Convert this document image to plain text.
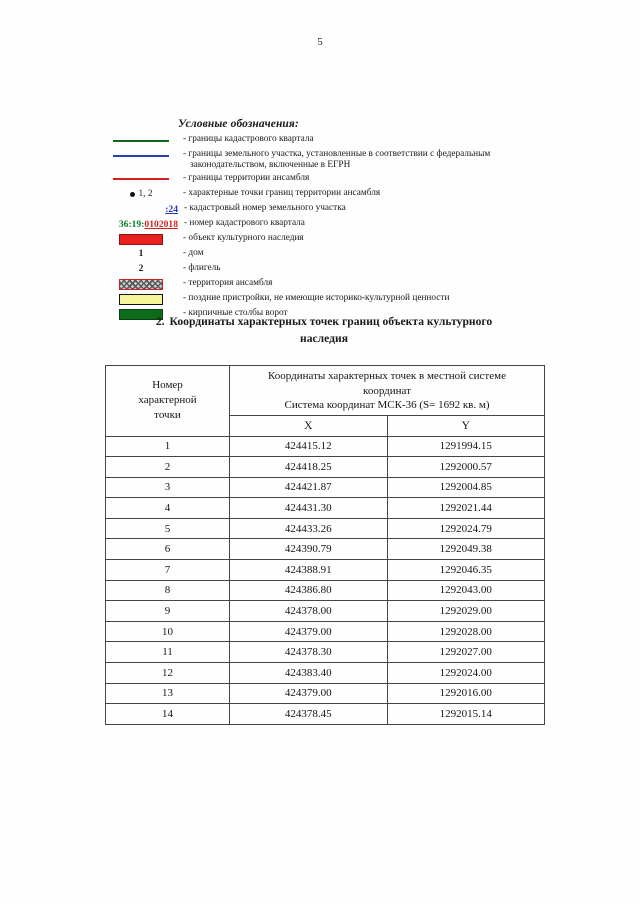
5
Условные обозначения:
- границы кадастрового квартала
- границы земельного участка, установленные в соответствии с федеральным
законодательством, включенные в ЕГРН
- границы территории ансамбля
1, 2	- характерные точки границ территории ансамбля
:24 - кадастровый номер земельного участка
36:19:0102018 - номер кадастрового квартала
- объект культурного наследия
1	- дом
2	- флигель
- территория ансамбля
- поздние пристройки, не имеющие историко-культурной ценности
- кирпичные столбы ворот
2. Координаты характерных точек границ объекта культурного
наследия
Номер
характерной
точки

Координаты характерных точек в местной системе
координат
Система координат МСК-36 (S= 1692 кв. м)

	X	Y
1	424415.12	1291994.15
2	424418.25	1292000.57
3	424421.87	1292004.85
4	424431.30	1292021.44
5	424433.26	1292024.79
6	424390.79	1292049.38
7	424388.91	1292046.35
8	424386.80	1292043.00
9	424378.00	1292029.00
10	424379.00	1292028.00
11	424378.30	1292027.00
12	424383.40	1292024.00
13	424379.00	1292016.00
14	424378.45	1292015.14
